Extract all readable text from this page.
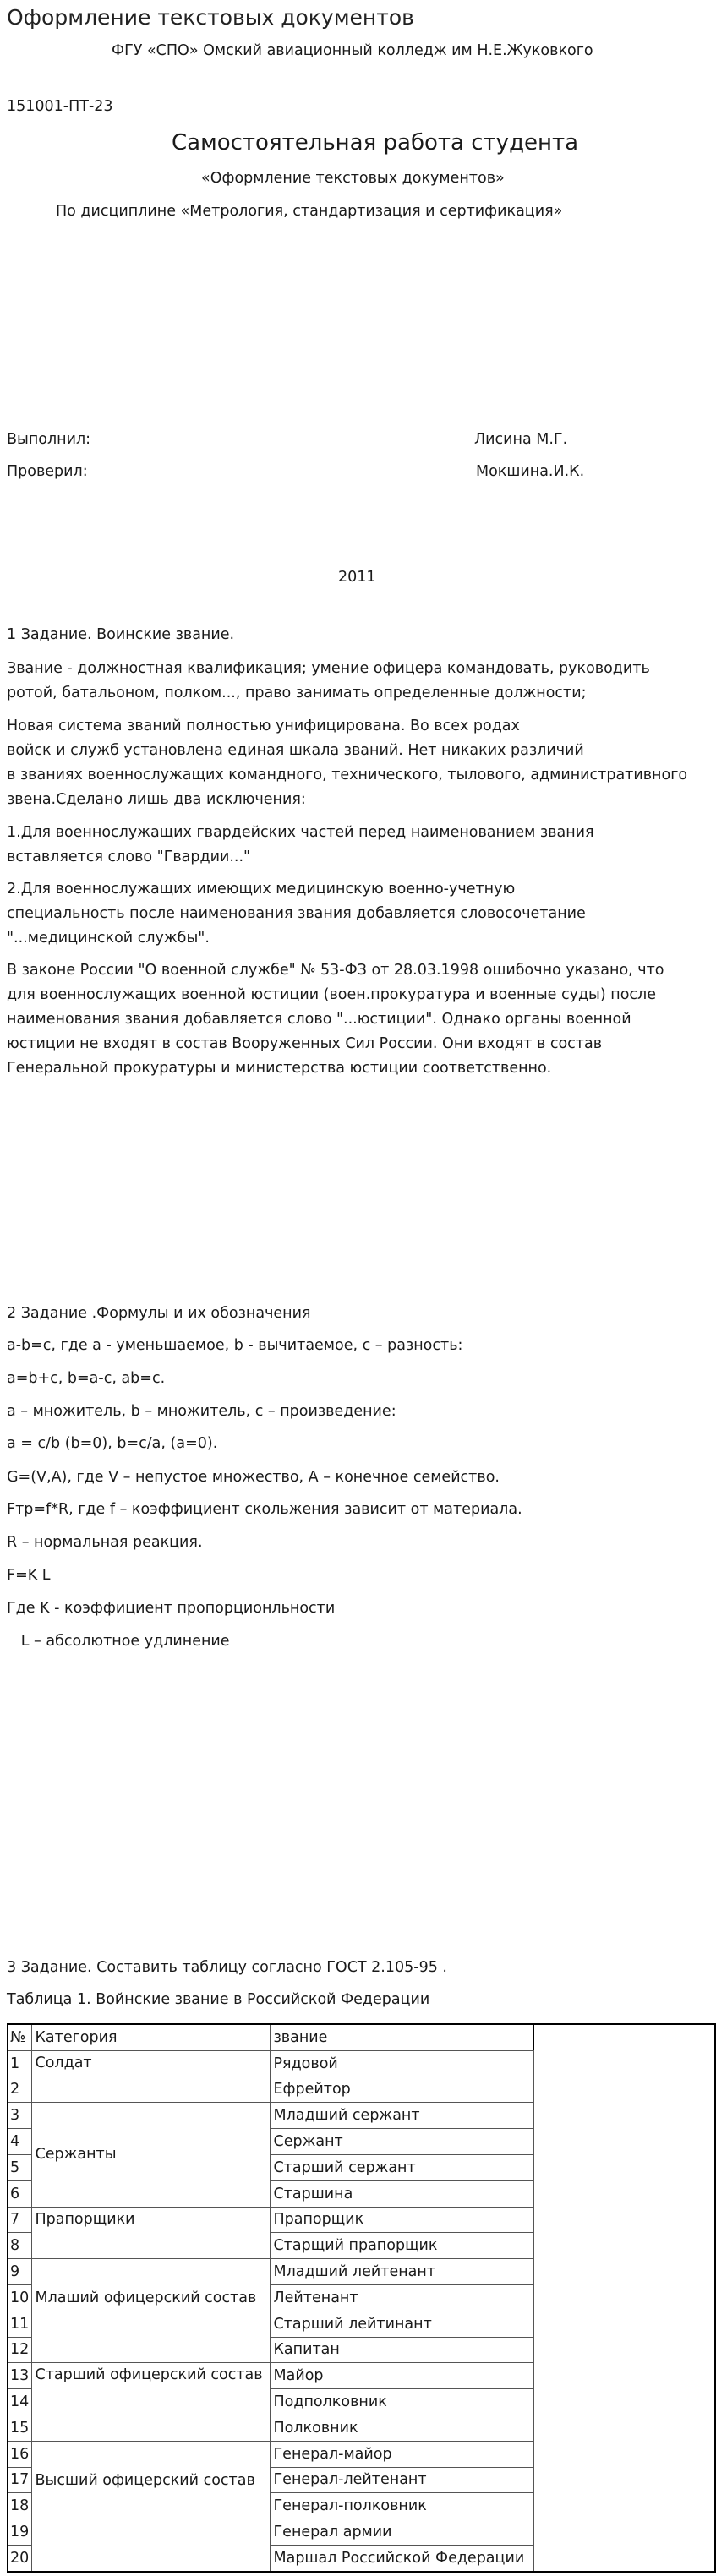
Оформление текстовых документов
ФГУ «СПО» Омский авиационный колледж им Н.Е.Жуковкого
151001-ПТ-23
Самостоятельная работа студента
«Оформление текстовых документов»
По дисциплине «Метрология, стандартизация и сертификация»
Выполнил:	Лисина М.Г.
Проверил:	Мокшина.И.К.
2011
1 Задание. Воинские звание.
Звание - должностная квалификация; умение офицера командовать, руководить
ротой, батальоном, полком..., право занимать определенные должности;
Новая система званий полностью унифицирована. Во всех родах
войск и служб установлена единая шкала званий. Нет никаких различий
в званиях военнослужащих командного, технического, тылового, административного
звена.Сделано лишь два исключения:
1.Для военнослужащих гвардейских частей перед наименованием звания
вставляется слово "Гвардии..."
2.Для военнослужащих имеющих медицинскую военно-учетную
специальность после наименования звания добавляется словосочетание
"...медицинской службы".
В законе России "О военной службе" № 53-ФЗ от 28.03.1998 ошибочно указано, что
для военнослужащих военной юстиции (воен.прокуратура и военные суды) после
наименования звания добавляется слово "...юстиции". Однако органы военной
юстиции не входят в состав Вооруженных Сил России. Они входят в состав
Генеральной прокуратуры и министерства юстиции соответственно.
2 Задание .Формулы и их обозначения
a-b=c, где a - уменьшаемое, b - вычитаемое, c – разность:
a=b+c, b=a-c, ab=c.
a – множитель, b – множитель, c – произведение:
a = c/b (b=0), b=c/a, (a=0).
G=(V,A), где V – непустое множество, A – конечное семейство.
Fтр=f*R, где f – коэффициент скольжения зависит от материала.
R – нормальная реакция.
F=K L
Где K - коэффициент пропорционльности
L – абсолютное удлинение
3 Задание. Составить таблицу согласно ГОСТ 2.105-95 .
Таблица 1. Войнские звание в Российской Федерации
№	Категория	звание	
1	Солдат	Рядовой	
2		Ефрейтор	
3	Сержанты	Младший сержант	
4		Сержант	
5		Старший сержант	
6		Старшина	
7	Прапорщики	Прапорщик	
8		Старщий прапорщик	
9	Млаший офицерский состав	Младший лейтенант	
10		Лейтенант	
11		Старший лейтинант	
12		Капитан	
13	Старший офицерский состав	Майор	
14		Подполковник	
15		Полковник	
16	Высший офицерский состав	Генерал-майор	
17		Генерал-лейтенант	
18		Генерал-полковник	
19		Генерал армии	
20		Маршал Российской Федерации	
